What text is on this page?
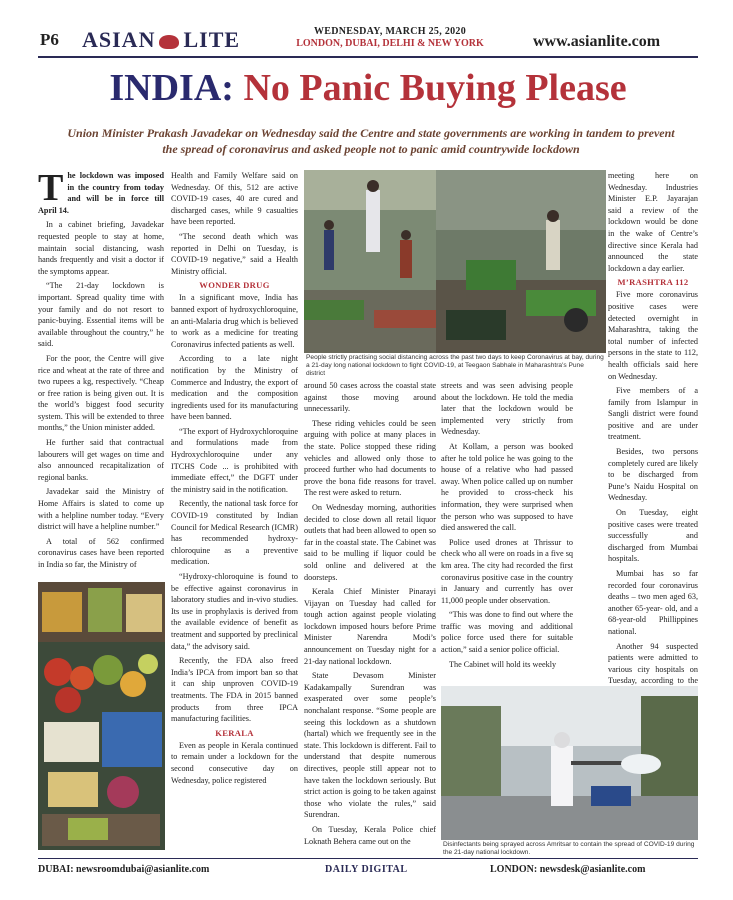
P6 ASIAN LITE	WEDNESDAY, MARCH 25, 2020
LONDON, DUBAI, DELHI & NEW YORK	www.asianlite.com
INDIA: No Panic Buying Please
Union Minister Prakash Javadekar on Wednesday said the Centre and state governments are working in tandem to prevent the spread of coronavirus and asked people not to panic amid countrywide lockdown

The lockdown was imposed in the country from today and will be in force till April 14.

In a cabinet briefing, Javadekar requested people to stay at home, maintain social distancing, wash hands frequently and visit a doctor if the symptoms appear.

“The 21-day lockdown is important. Spread quality time with your family and do not resort to panic-buying. Essential items will be available throughout the country,” he said.

For the poor, the Centre will give rice and wheat at the rate of three and two rupees a kg, respectively. “Cheap or free ration is being given out. It is the world’s biggest food security system. This will be extended to three months,” the Union minister added.

He further said that contractual labourers will get wages on time and also announced recapitalization of regional banks.

Javadekar said the Ministry of Home Affairs is slated to come up with a helpline number today. “Every district will have a helpline number.”

A total of 562 confirmed coronavirus cases have been reported in India so far, the Ministry of

Health and Family Welfare said on Wednesday. Of this, 512 are active COVID-19 cases, 40 are cured and discharged cases, while 9 casualties have been reported.

“The second death which was reported in Delhi on Tuesday, is COVID-19 negative,” said a Health Ministry official.

WONDER DRUG

In a significant move, India has banned export of hydroxychloroquine, an anti-Malaria drug which is believed to work as a medicine for treating Coronavirus infected patients as well.

According to a late night notification by the Ministry of Commerce and Industry, the export of medication and the composition ingredients used for its manufacturing have been banned.

“The export of Hydroxychloroquine and formulations made from Hydroxychloroquine under any ITCHS Code ... is prohibited with immediate effect,” the DGFT under the ministry said in the notification.

Recently, the national task force for COVID-19 constituted by Indian Council for Medical Research (ICMR) has recommended hydroxy-chloroquine as a preventive medication.

“Hydroxy-chloroquine is found to be effective against coronavirus in laboratory studies and in-vivo studies. Its use in prophylaxis is derived from the available evidence of benefit as treatment and supported by preclinical data,” the advisory said.

Recently, the FDA also freed India’s IPCA from import ban so that it can ship unproven COVID-19 treatments. The FDA in 2015 banned products from three IPCA manufacturing facilities.

KERALA

Even as people in Kerala continued to remain under a lockdown for the second consecutive day on Wednesday, police registered

People strictly practising social distancing across the past two days to keep Coronavirus at bay, during a 21-day long national lockdown to fight COVID-19, at Teegaon Sabhale in Maharashtra's Pune district

around 50 cases across the coastal state against those moving around unnecessarily.

These riding vehicles could be seen arguing with police at many places in the state. Police stopped these riding vehicles and allowed only those to proceed further who had documents to prove the bona fide reasons for travel. The rest were asked to return.

On Wednesday morning, authorities decided to close down all retail liquor outlets that had been allowed to open so far in the coastal state. The Cabinet was said to be mulling if liquor could be sold online and delivered at the doorsteps.

Kerala Chief Minister Pinarayi Vijayan on Tuesday had called for tough action against people violating lockdown imposed hours before Prime Minister Narendra Modi’s announcement on Tuesday night for a 21-day national lockdown.

State Devasom Minister Kadakampally Surendran was exasperated over some people’s nonchalant response. “Some people are seeing this lockdown as a shutdown (hartal) which we frequently see in the state. This lockdown is different. Fail to understand that despite numerous directives, people still appear not to have taken the lockdown seriously. But strict action is going to be taken against those who violate the rules,” said Surendran.

On Tuesday, Kerala Police chief Loknath Behera came out on the

streets and was seen advising people about the lockdown. He told the media later that the lockdown would be implemented very strictly from Wednesday.

At Kollam, a person was booked after he told police he was going to the house of a relative who had passed away. When police called up on number he provided to cross-check his information, they were surprised when the person who was supposed to have died answered the call.

Police used drones at Thrissur to check who all were on roads in a five sq km area. The city had recorded the first coronavirus positive case in the country in January and currently has over 11,000 people under observation.

“This was done to find out where the traffic was moving and additional police force used there for suitable action,” said a senior police official.

The Cabinet will hold its weekly

meeting here on Wednesday. Industries Minister E.P. Jayarajan said a review of the lockdown would be done in the wake of Centre’s directive since Kerala had announced the state lockdown a day earlier.

M’RASHTRA 112

Five more coronavirus positive cases were detected overnight in Maharashtra, taking the total number of infected persons in the state to 112, health officials said here on Wednesday.

Five members of a family from Islampur in Sangli district were found positive and are under treatment.

Besides, two persons completely cured are likely to be discharged from Pune’s Naidu Hospital on Wednesday.

On Tuesday, eight positive cases were treated successfully and discharged from Mumbai hospitals.

Mumbai has so far recorded four coronavirus deaths – two men aged 63, another 65-year- old, and a 68-year-old Phillippines national.

Another 94 suspected patients were admitted to various city hospitals on Tuesday, according to the

Disinfectants being sprayed across Amritsar to contain the spread of COVID-19 during the 21-day national lockdown.
DUBAI: newsroomdubai@asianlite.com	DAILY DIGITAL	LONDON: newsdesk@asianlite.com
